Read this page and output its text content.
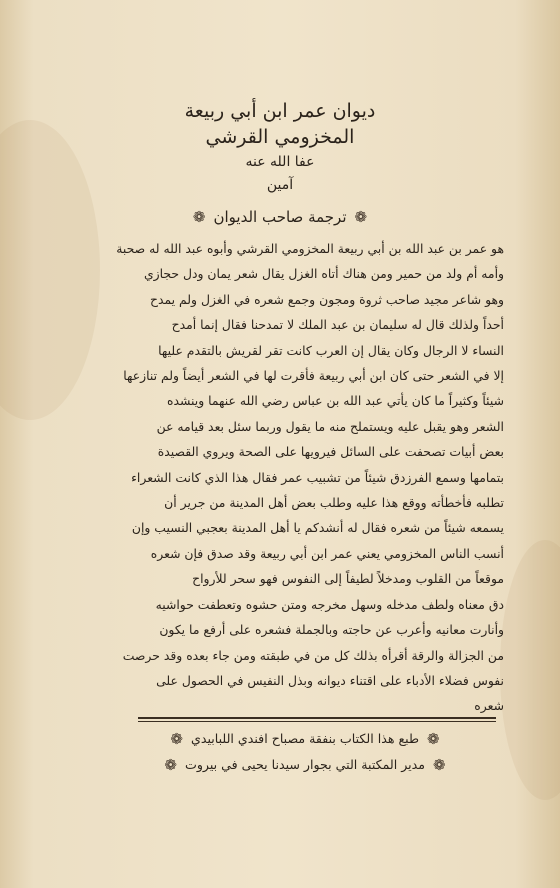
ديوان عمر ابن أبي ربيعة
المخزومي القرشي
عفا الله عنه
آمين
❁
ترجمة صاحب الديوان
❁
هو عمر بن عبد الله بن أبي ربيعة المخزومي القرشي وأبوه عبد الله له صحبة
وأمه أم ولد من حمير ومن هناك أتاه الغزل يقال شعر يمان ودل حجازي
وهو شاعر مجيد صاحب ثروة ومجون وجمع شعره في الغزل ولم يمدح
أحداً ولذلك قال له سليمان بن عبد الملك لا تمدحنا فقال إنما أمدح
النساء لا الرجال وكان يقال إن العرب كانت تقر لقريش بالتقدم عليها
إلا في الشعر حتى كان ابن أبي ربيعة فأقرت لها في الشعر أيضاً ولم تنازعها
شيئاً وكثيراً ما كان يأتي عبد الله بن عباس رضي الله عنهما وينشده
الشعر وهو يقبل عليه ويستملح منه ما يقول وربما سئل بعد قيامه عن
بعض أبيات تصحفت على السائل فيرويها على الصحة ويروي القصيدة
بتمامها وسمع الفرزدق شيئاً من تشبيب عمر فقال هذا الذي كانت الشعراء
تطلبه فأخطأته ووقع هذا عليه وطلب بعض أهل المدينة من جرير أن
يسمعه شيئاً من شعره فقال له أنشدكم يا أهل المدينة بعجبي النسيب وإن
أنسب الناس المخزومي يعني عمر ابن أبي ربيعة وقد صدق فإن شعره
موقعاً من القلوب ومدخلاً لطيفاً إلى النفوس فهو سحر للأرواح
دق معناه ولطف مدخله وسهل مخرجه ومتن حشوه وتعطفت حواشيه
وأنارت معانيه وأعرب عن حاجته وبالجملة فشعره على أرفع ما يكون
من الجزالة والرقة أقرأه بذلك كل من في طبقته ومن جاء بعده وقد حرصت
نفوس فضلاء الأدباء على اقتناء ديوانه وبذل النفيس في الحصول على
شعره
❁
طبع هذا الكتاب بنفقة مصباح افندي اللبابيدي
❁
❁
مدير المكتبة التي بجوار سيدنا يحيى في بيروت
❁
